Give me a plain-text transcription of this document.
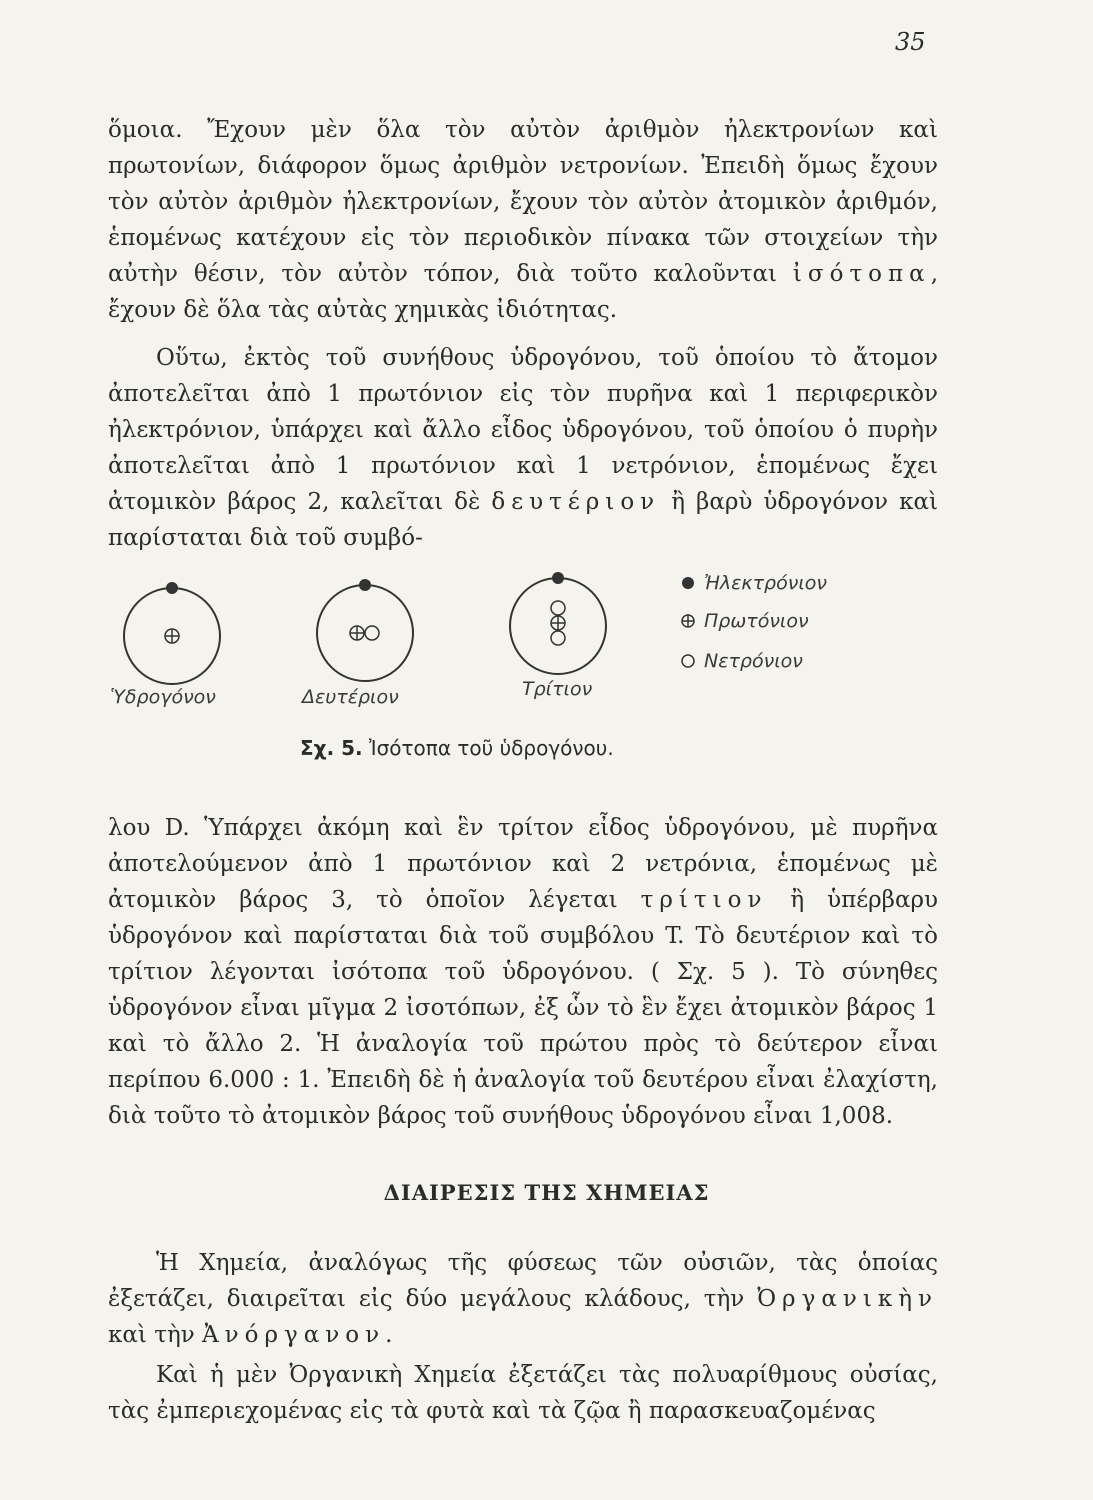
35

ὅμοια. Ἔχουν μὲν ὅλα τὸν αὐτὸν ἀριθμὸν ἠλεκτρονίων καὶ πρωτονίων, διάφορον ὅμως ἀριθμὸν νετρονίων. Ἐπειδὴ ὅμως ἔχουν τὸν αὐτὸν ἀριθμὸν ἠλεκτρονίων, ἔχουν τὸν αὐτὸν ἀτομικὸν ἀριθμόν, ἑπομένως κατέχουν εἰς τὸν περιοδικὸν πίνακα τῶν στοιχείων τὴν αὐτὴν θέσιν, τὸν αὐτὸν τόπον, διὰ τοῦτο καλοῦνται ἰσότοπα, ἔχουν δὲ ὅλα τὰς αὐτὰς χημικὰς ἰδιότητας.

Οὕτω, ἐκτὸς τοῦ συνήθους ὑδρογόνου, τοῦ ὁποίου τὸ ἄτομον ἀποτελεῖται ἀπὸ 1 πρωτόνιον εἰς τὸν πυρῆνα καὶ 1 περιφερικὸν ἠλεκτρόνιον, ὑπάρχει καὶ ἄλλο εἶδος ὑδρογόνου, τοῦ ὁποίου ὁ πυρὴν ἀποτελεῖται ἀπὸ 1 πρωτόνιον καὶ 1 νετρόνιον, ἑπομένως ἔχει ἀτομικὸν βάρος 2, καλεῖται δὲ δευτέριον ἢ βαρὺ ὑδρογόνον καὶ παρίσταται διὰ τοῦ συμβό-

Ὑδρογόνον	Δευτέριον	Τρίτιον
Ἠλεκτρόνιον
Πρωτόνιον
Νετρόνιον
Σχ. 5. Ἰσότοπα τοῦ ὑδρογόνου.

λου D. Ὑπάρχει ἀκόμη καὶ ἓν τρίτον εἶδος ὑδρογόνου, μὲ πυρῆνα ἀποτελούμενον ἀπὸ 1 πρωτόνιον καὶ 2 νετρόνια, ἑπομένως μὲ ἀτομικὸν βάρος 3, τὸ ὁποῖον λέγεται τρίτιον ἢ ὑπέρβαρυ ὑδρογόνον καὶ παρίσταται διὰ τοῦ συμβόλου T. Τὸ δευτέριον καὶ τὸ τρίτιον λέγονται ἰσότοπα τοῦ ὑδρογόνου. ( Σχ. 5 ). Τὸ σύνηθες ὑδρογόνον εἶναι μῖγμα 2 ἰσοτόπων, ἐξ ὧν τὸ ἓν ἔχει ἀτομικὸν βάρος 1 καὶ τὸ ἄλλο 2. Ἡ ἀναλογία τοῦ πρώτου πρὸς τὸ δεύτερον εἶναι περίπου 6.000 : 1. Ἐπειδὴ δὲ ἡ ἀναλογία τοῦ δευτέρου εἶναι ἐλαχίστη, διὰ τοῦτο τὸ ἀτομικὸν βάρος τοῦ συνήθους ὑδρογόνου εἶναι 1,008.

ΔΙΑΙΡΕΣΙΣ ΤΗΣ ΧΗΜΕΙΑΣ

Ἡ Χημεία, ἀναλόγως τῆς φύσεως τῶν οὐσιῶν, τὰς ὁποίας ἐξετάζει, διαιρεῖται εἰς δύο μεγάλους κλάδους, τὴν Ὀργανικὴν καὶ τὴν Ἀνόργανον.

Καὶ ἡ μὲν Ὀργανικὴ Χημεία ἐξετάζει τὰς πολυαρίθμους οὐσίας, τὰς ἐμπεριεχομένας εἰς τὰ φυτὰ καὶ τὰ ζῷα ἢ παρασκευαζομένας
